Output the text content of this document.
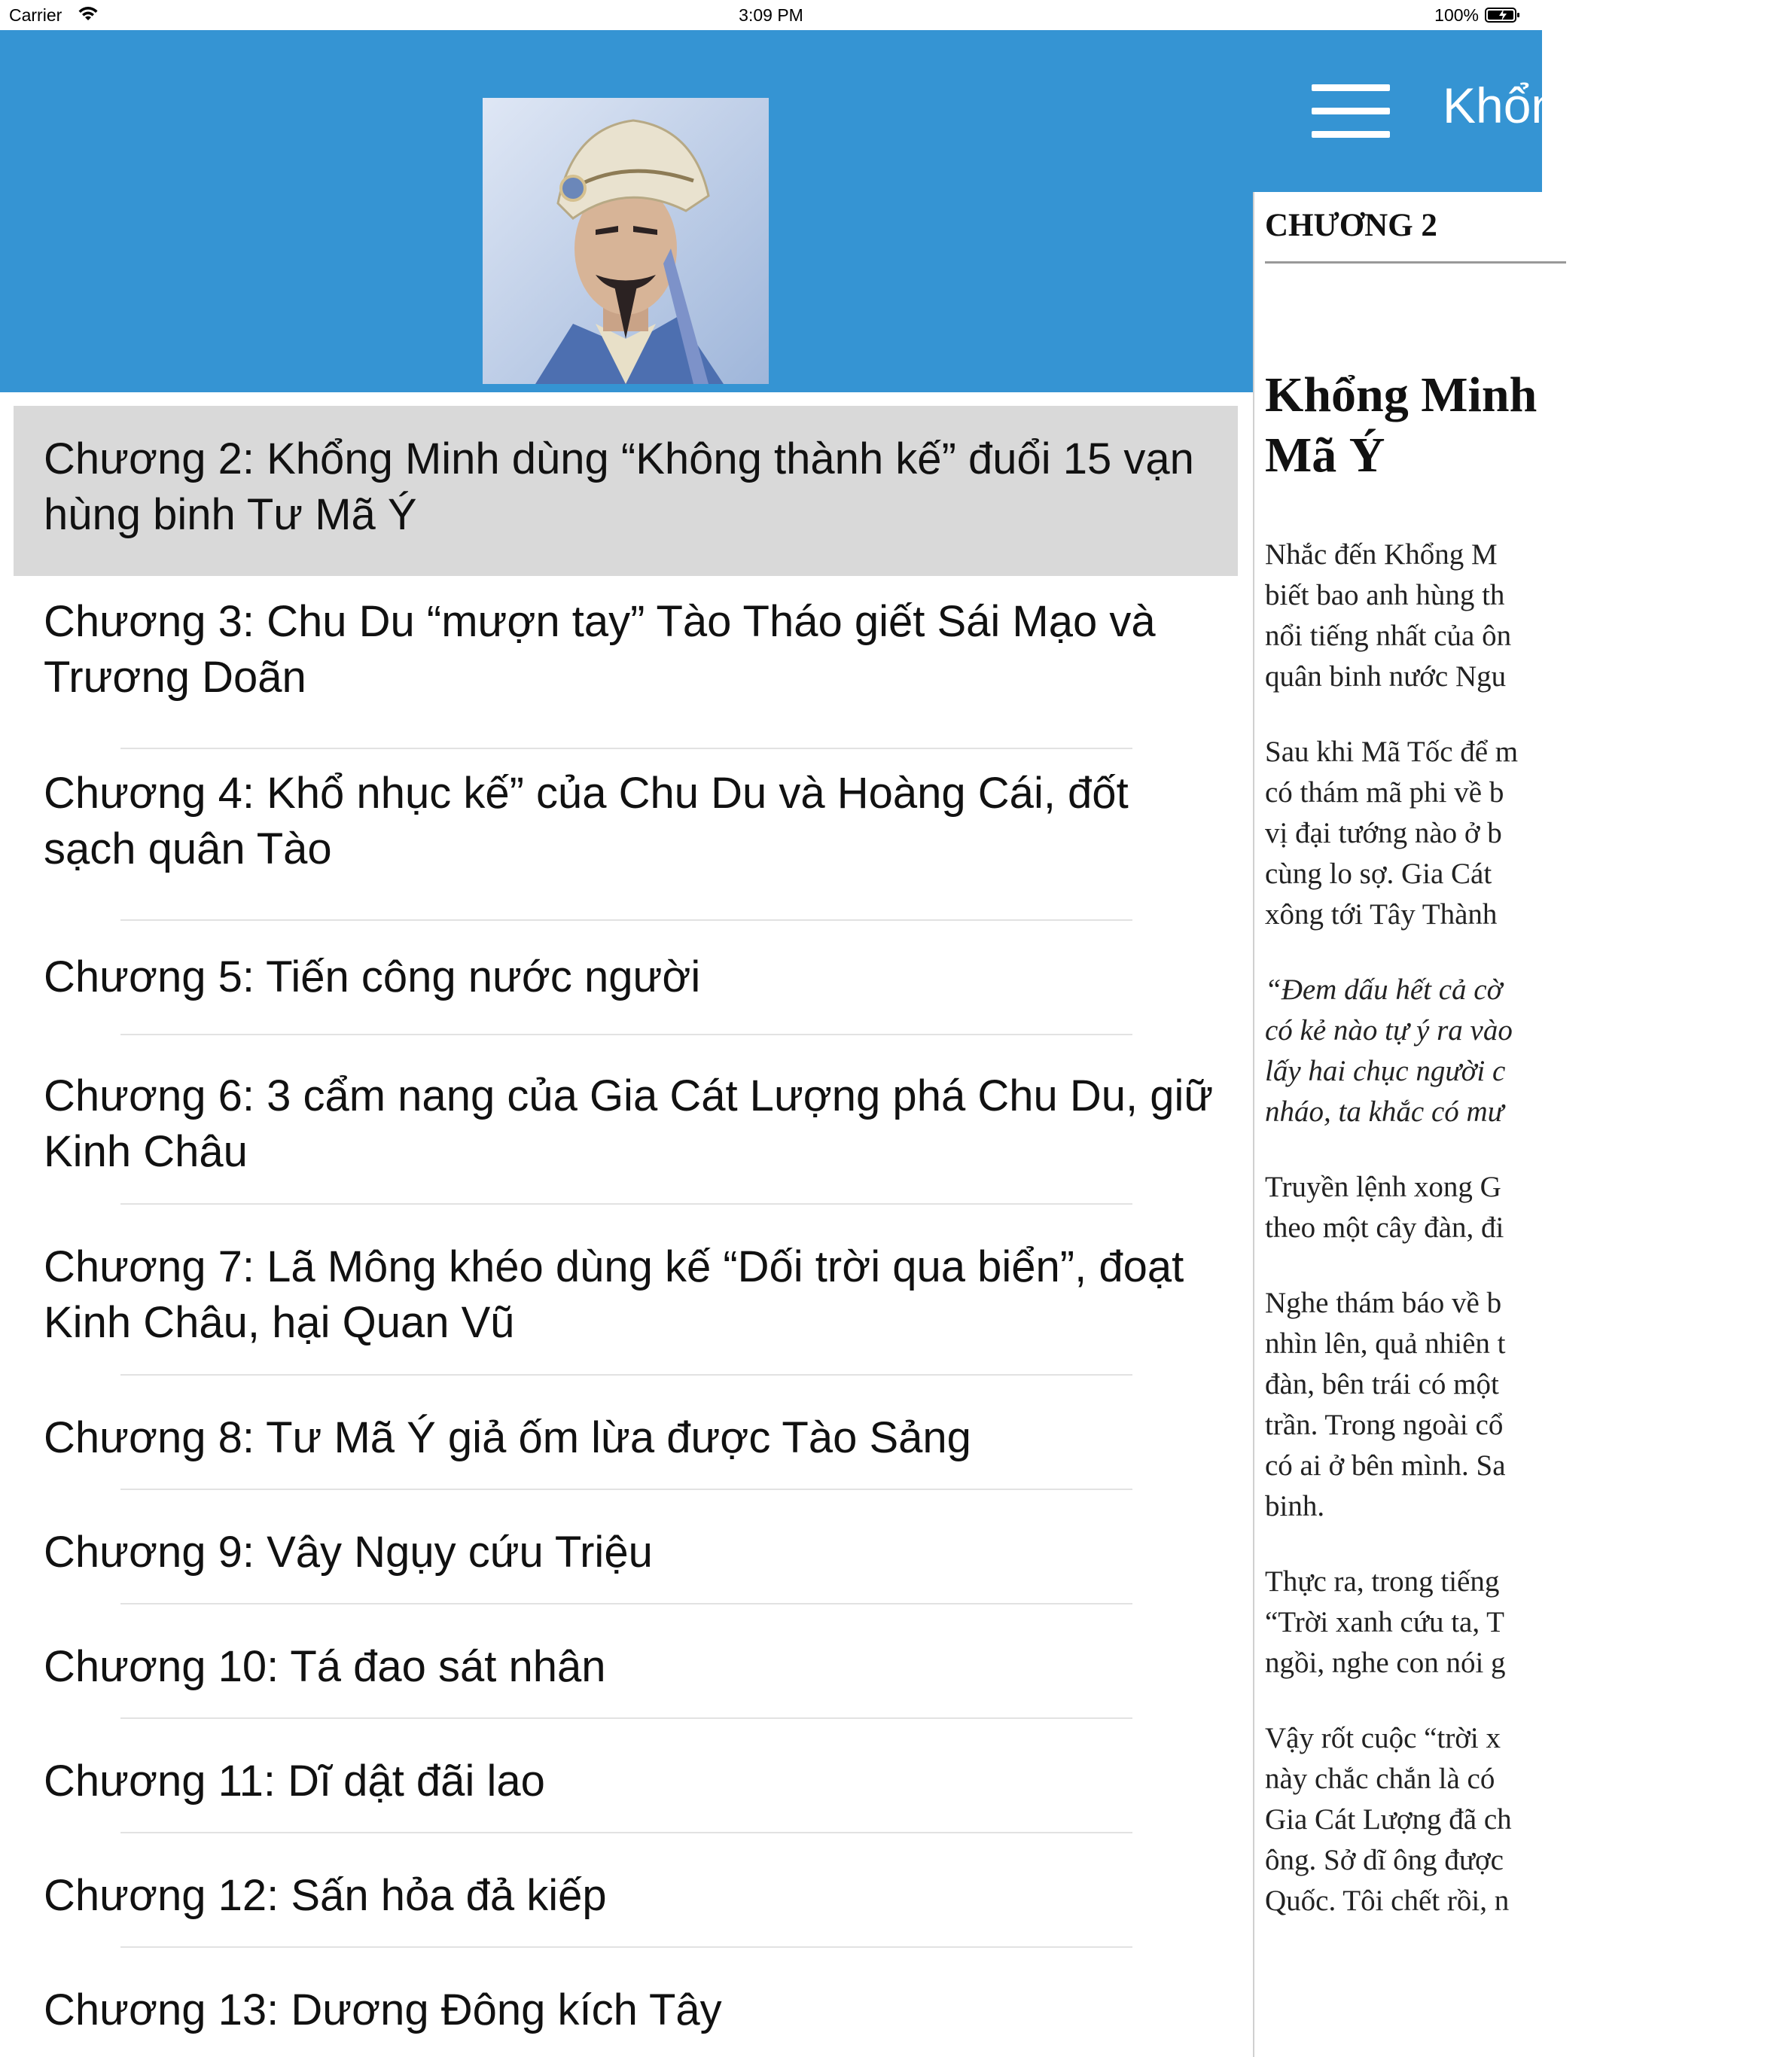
Carrier	3:09 PM	100%
Chương 2: Khổng Minh dùng “Không thành kế” đuổi 15 vạn hùng binh Tư Mã Ý
Chương 3: Chu Du “mượn tay” Tào Tháo giết Sái Mạo và Trương Doãn
Chương 4: Khổ nhục kế” của Chu Du và Hoàng Cái, đốt sạch quân Tào
Chương 5: Tiến công nước người
Chương 6: 3 cẩm nang của Gia Cát Lượng phá Chu Du, giữ Kinh Châu
Chương 7: Lã Mông khéo dùng kế “Dối trời qua biển”, đoạt Kinh Châu, hại Quan Vũ
Chương 8: Tư Mã Ý giả ốm lừa được Tào Sảng
Chương 9: Vây Ngụy cứu Triệu
Chương 10: Tá đao sát nhân
Chương 11: Dĩ dật đãi lao
Chương 12: Sấn hỏa đả kiếp
Chương 13: Dương Đông kích Tây
Khổng
CHƯƠNG 2
Khổng Minh
Mã Ý

Nhắc đến Khổng M
biết bao anh hùng th
nổi tiếng nhất của ôn
quân binh nước Ngu

Sau khi Mã Tốc để m
có thám mã phi về b
vị đại tướng nào ở b
cùng lo sợ. Gia Cát
xông tới Tây Thành

“Đem dấu hết cả cờ
có kẻ nào tự ý ra vào
lấy hai chục người c
nháo, ta khắc có mư

Truyền lệnh xong G
theo một cây đàn, đi

Nghe thám báo về b
nhìn lên, quả nhiên t
đàn, bên trái có một
trần. Trong ngoài cổ
có ai ở bên mình. Sa
binh.

Thực ra, trong tiếng
“Trời xanh cứu ta, T
ngồi, nghe con nói g

Vậy rốt cuộc “trời x
này chắc chắn là có
Gia Cát Lượng đã ch
ông. Sở dĩ ông được
Quốc. Tôi chết rồi, n
